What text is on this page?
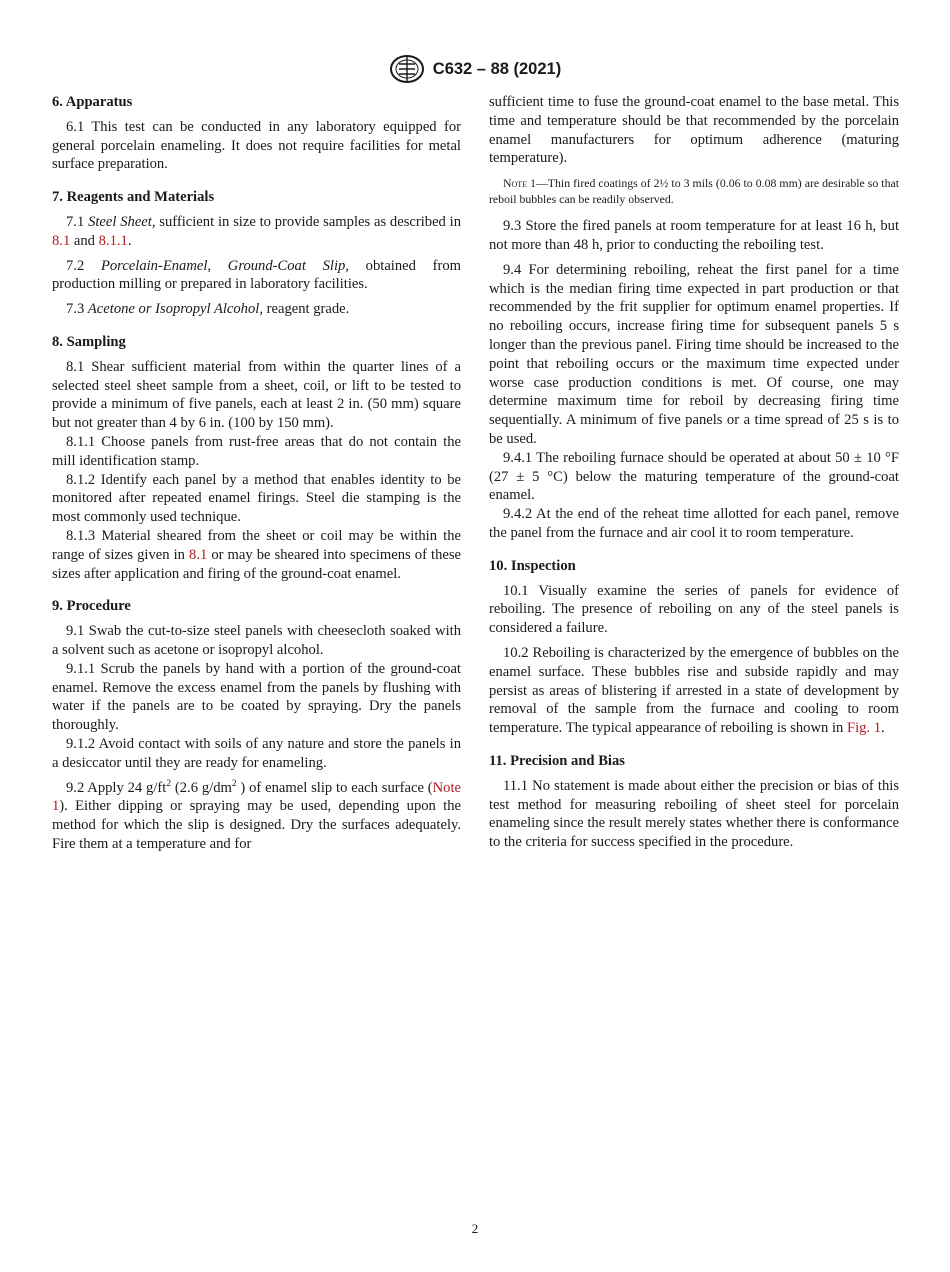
C632 – 88 (2021)
6. Apparatus

6.1 This test can be conducted in any laboratory equipped for general porcelain enameling. It does not require facilities for metal surface preparation.

7. Reagents and Materials

7.1 Steel Sheet, sufficient in size to provide samples as described in 8.1 and 8.1.1.

7.2 Porcelain-Enamel, Ground-Coat Slip, obtained from production milling or prepared in laboratory facilities.

7.3 Acetone or Isopropyl Alcohol, reagent grade.

8. Sampling

8.1 Shear sufficient material from within the quarter lines of a selected steel sheet sample from a sheet, coil, or lift to be tested to provide a minimum of five panels, each at least 2 in. (50 mm) square but not greater than 4 by 6 in. (100 by 150 mm).

8.1.1 Choose panels from rust-free areas that do not contain the mill identification stamp.

8.1.2 Identify each panel by a method that enables identity to be monitored after repeated enamel firings. Steel die stamping is the most commonly used technique.

8.1.3 Material sheared from the sheet or coil may be within the range of sizes given in 8.1 or may be sheared into specimens of these sizes after application and firing of the ground-coat enamel.

9. Procedure

9.1 Swab the cut-to-size steel panels with cheesecloth soaked with a solvent such as acetone or isopropyl alcohol.

9.1.1 Scrub the panels by hand with a portion of the ground-coat enamel. Remove the excess enamel from the panels by flushing with water if the panels are to be coated by spraying. Dry the panels thoroughly.

9.1.2 Avoid contact with soils of any nature and store the panels in a desiccator until they are ready for enameling.

9.2 Apply 24 $g/ft^2$ (2.6 $g/dm^2$ ) of enamel slip to each surface (Note 1). Either dipping or spraying may be used, depending upon the method for which the slip is designed. Dry the surfaces adequately. Fire them at a temperature and for

sufficient time to fuse the ground-coat enamel to the base metal. This time and temperature should be that recommended by the porcelain enamel manufacturers for optimum adherence (maturing temperature).

Note 1—Thin fired coatings of 2½ to 3 mils (0.06 to 0.08 mm) are desirable so that reboil bubbles can be readily observed.

9.3 Store the fired panels at room temperature for at least 16 h, but not more than 48 h, prior to conducting the reboiling test.

9.4 For determining reboiling, reheat the first panel for a time which is the median firing time expected in part production or that recommended by the frit supplier for optimum enamel properties. If no reboiling occurs, increase firing time for subsequent panels 5 s longer than the previous panel. Firing time should be increased to the point that reboiling occurs or the maximum time expected under worse case production conditions is met. Of course, one may determine maximum time for reboil by decreasing firing time sequentially. A minimum of five panels or a time spread of 25 s is to be used.

9.4.1 The reboiling furnace should be operated at about 50 ± 10 °F (27 ± 5 °C) below the maturing temperature of the ground-coat enamel.

9.4.2 At the end of the reheat time allotted for each panel, remove the panel from the furnace and air cool it to room temperature.

10. Inspection

10.1 Visually examine the series of panels for evidence of reboiling. The presence of reboiling on any of the steel panels is considered a failure.

10.2 Reboiling is characterized by the emergence of bubbles on the enamel surface. These bubbles rise and subside rapidly and may persist as areas of blistering if arrested in a state of development by removal of the sample from the furnace and cooling to room temperature. The typical appearance of reboiling is shown in Fig. 1.

11. Precision and Bias

11.1 No statement is made about either the precision or bias of this test method for measuring reboiling of sheet steel for porcelain enameling since the result merely states whether there is conformance to the criteria for success specified in the procedure.

2
